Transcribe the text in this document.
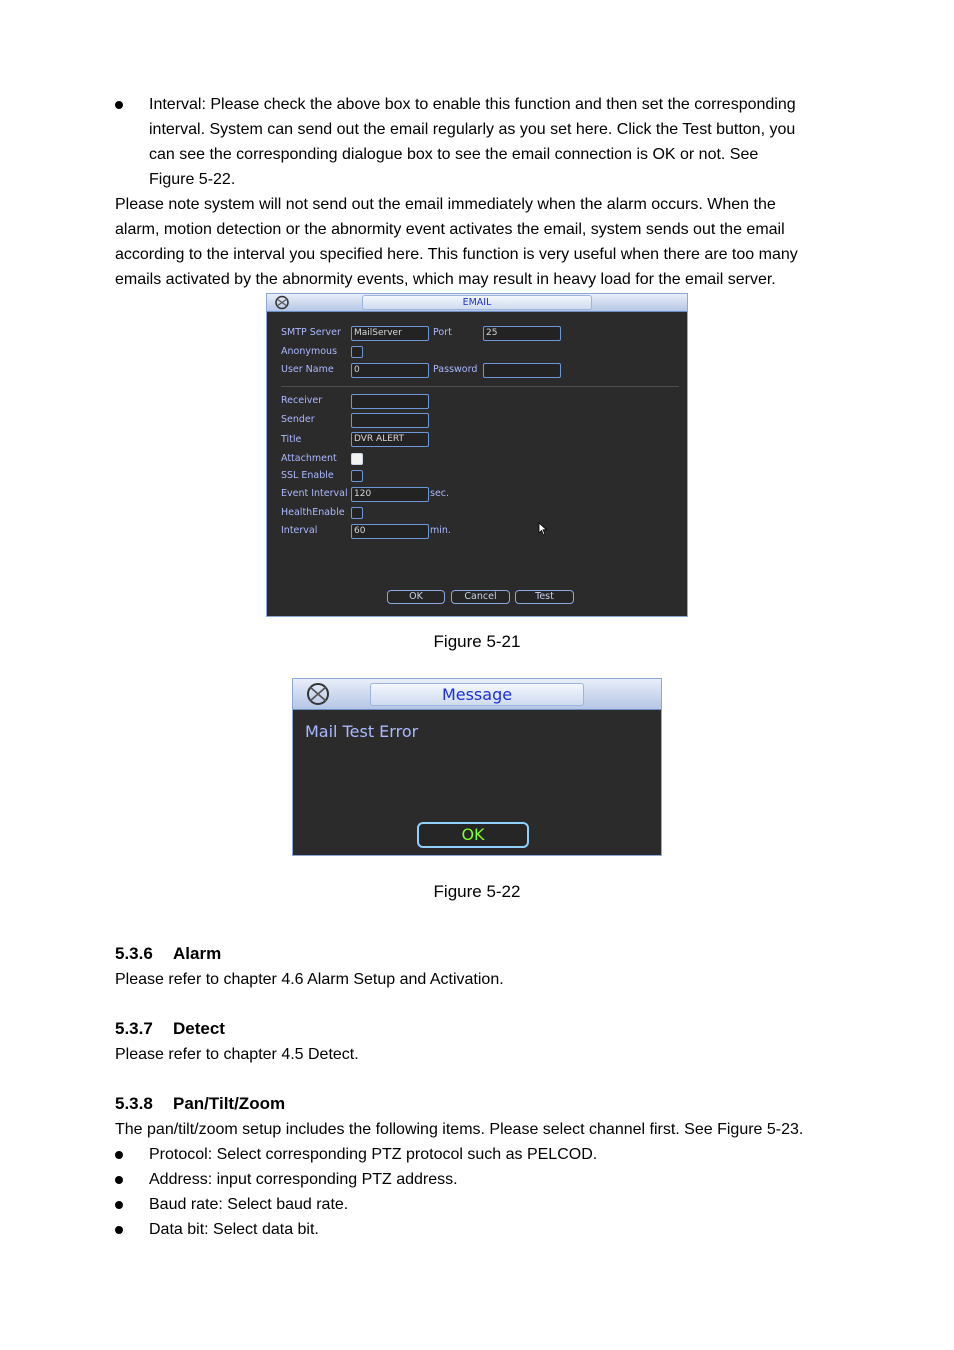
Interval: Please check the above box to enable this function and then set the corresponding
interval. System can send out the email regularly as you set here. Click the Test button, you
can see the corresponding dialogue box to see the email connection is OK or not. See
Figure 5-22.
Please note system will not send out the email immediately when the alarm occurs. When the
alarm, motion detection or the abnormity event activates the email, system sends out the email
according to the interval you specified here. This function is very useful when there are too many
emails activated by the abnormity events, which may result in heavy load for the email server.
EMAIL
SMTP Server	MailServer	Port	25
Anonymous
User Name	0	Password
Receiver
Sender
Title	DVR ALERT
Attachment
SSL Enable
Event Interval 120	sec.
HealthEnable
Interval	60	min.
OK	Cancel	Test
Figure 5-21
Message
Mail Test Error
OK
Figure 5-22
5.3.6 Alarm
Please refer to chapter 4.6 Alarm Setup and Activation.
5.3.7 Detect
Please refer to chapter 4.5 Detect.
5.3.8 Pan/Tilt/Zoom
The pan/tilt/zoom setup includes the following items. Please select channel first. See Figure 5-23.
Protocol: Select corresponding PTZ protocol such as PELCOD.
Address: input corresponding PTZ address.
Baud rate: Select baud rate.
Data bit: Select data bit.
